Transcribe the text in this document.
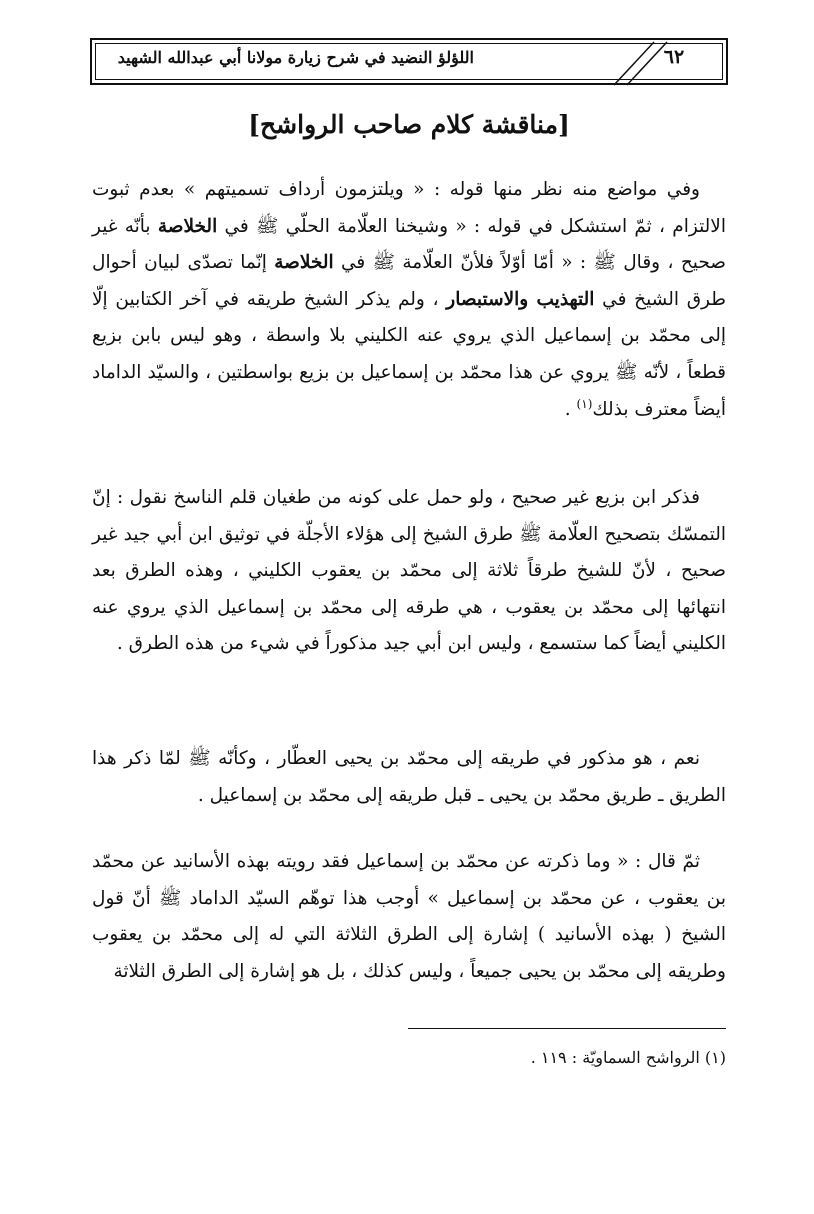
اللؤلؤ النضيد في شرح زيارة مولانا أبي عبدالله الشهيد	٦٢
[مناقشة كلام صاحب الرواشح]

وفي مواضع منه نظر منها قوله : « ويلتزمون أرداف تسميتهم » بعدم ثبوت الالتزام ، ثمّ استشكل في قوله : « وشيخنا العلّامة الحلّي ﷺ في الخلاصة بأنّه غير صحيح ، وقال ﷺ : « أمّا أوّلاً فلأنّ العلّامة ﷺ في الخلاصة إنّما تصدّى لبيان أحوال طرق الشيخ في التهذيب والاستبصار ، ولم يذكر الشيخ طريقه في آخر الكتابين إلّا إلى محمّد بن إسماعيل الذي يروي عنه الكليني بلا واسطة ، وهو ليس بابن بزيع قطعاً ، لأنّه ﷺ يروي عن هذا محمّد بن إسماعيل بن بزيع بواسطتين ، والسيّد الداماد أيضاً معترف بذلك$^{(١)}$ .

فذكر ابن بزيع غير صحيح ، ولو حمل على كونه من طغيان قلم الناسخ نقول : إنّ التمسّك بتصحيح العلّامة ﷺ طرق الشيخ إلى هؤلاء الأجلّة في توثيق ابن أبي جيد غير صحيح ، لأنّ للشيخ طرقاً ثلاثة إلى محمّد بن يعقوب الكليني ، وهذه الطرق بعد انتهائها إلى محمّد بن يعقوب ، هي طرقه إلى محمّد بن إسماعيل الذي يروي عنه الكليني أيضاً كما ستسمع ، وليس ابن أبي جيد مذكوراً في شيء من هذه الطرق .

نعم ، هو مذكور في طريقه إلى محمّد بن يحيى العطّار ، وكأنّه ﷺ لمّا ذكر هذا الطريق ـ طريق محمّد بن يحيى ـ قبل طريقه إلى محمّد بن إسماعيل .

ثمّ قال : « وما ذكرته عن محمّد بن إسماعيل فقد رويته بهذه الأسانيد عن محمّد بن يعقوب ، عن محمّد بن إسماعيل » أوجب هذا توهّم السيّد الداماد ﷺ أنّ قول الشيخ ( بهذه الأسانيد ) إشارة إلى الطرق الثلاثة التي له إلى محمّد بن يعقوب وطريقه إلى محمّد بن يحيى جميعاً ، وليس كذلك ، بل هو إشارة إلى الطرق الثلاثة

(١) الرواشح السماويّة : ١١٩ .
